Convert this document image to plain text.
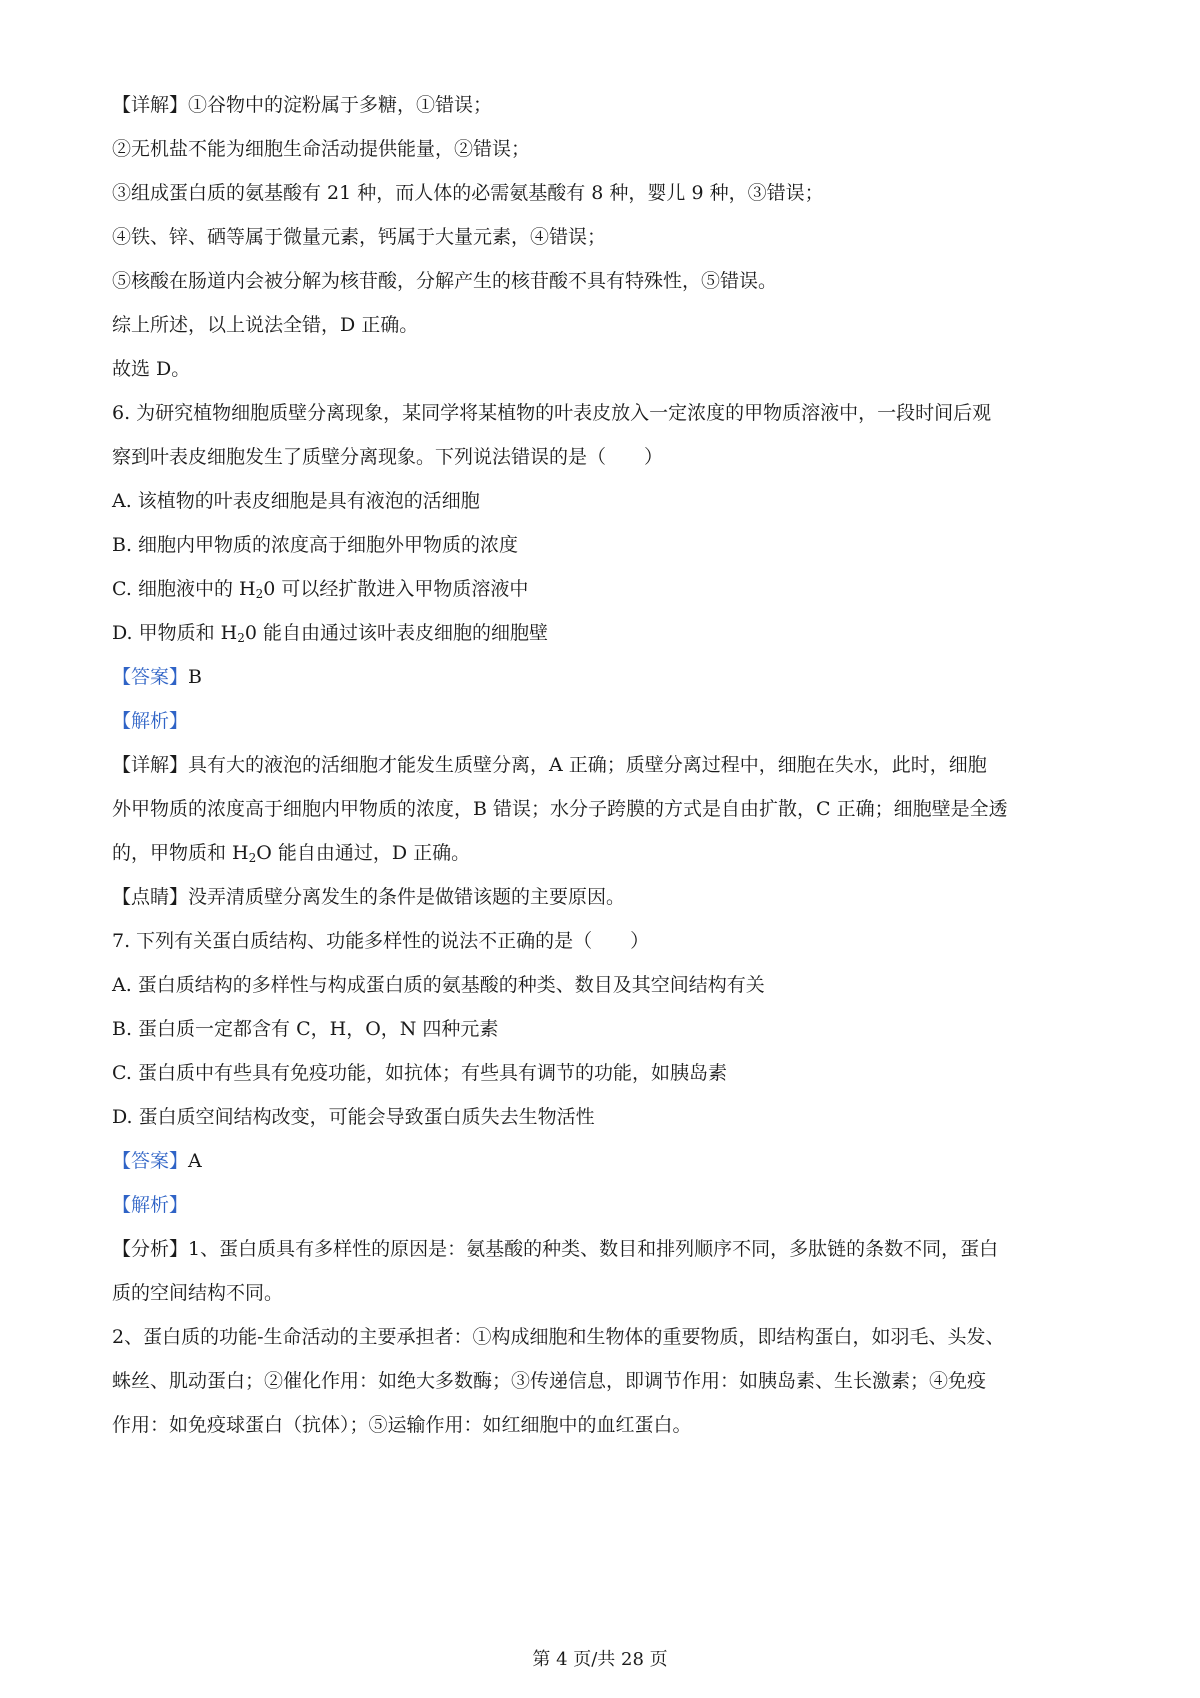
【详解】①谷物中的淀粉属于多糖，①错误；
②无机盐不能为细胞生命活动提供能量，②错误；
③组成蛋白质的氨基酸有 21 种，而人体的必需氨基酸有 8 种，婴儿 9 种，③错误；
④铁、锌、硒等属于微量元素，钙属于大量元素，④错误；
⑤核酸在肠道内会被分解为核苷酸，分解产生的核苷酸不具有特殊性，⑤错误。
综上所述，以上说法全错，D 正确。
故选 D。
6. 为研究植物细胞质壁分离现象，某同学将某植物的叶表皮放入一定浓度的甲物质溶液中，一段时间后观
察到叶表皮细胞发生了质壁分离现象。下列说法错误的是（　　）
A. 该植物的叶表皮细胞是具有液泡的活细胞
B. 细胞内甲物质的浓度高于细胞外甲物质的浓度
C. 细胞液中的 $H_20$ 可以经扩散进入甲物质溶液中
D. 甲物质和 $H_20$ 能自由通过该叶表皮细胞的细胞壁
【答案】B
【解析】
【详解】具有大的液泡的活细胞才能发生质壁分离，A 正确；质壁分离过程中，细胞在失水，此时，细胞
外甲物质的浓度高于细胞内甲物质的浓度，B 错误；水分子跨膜的方式是自由扩散，C 正确；细胞壁是全透
的，甲物质和 $H_2O$ 能自由通过，D 正确。
【点睛】没弄清质壁分离发生的条件是做错该题的主要原因。
7. 下列有关蛋白质结构、功能多样性的说法不正确的是（　　）
A. 蛋白质结构的多样性与构成蛋白质的氨基酸的种类、数目及其空间结构有关
B. 蛋白质一定都含有 C，H，O，N 四种元素
C. 蛋白质中有些具有免疫功能，如抗体；有些具有调节的功能，如胰岛素
D. 蛋白质空间结构改变，可能会导致蛋白质失去生物活性
【答案】A
【解析】
【分析】1、蛋白质具有多样性的原因是：氨基酸的种类、数目和排列顺序不同，多肽链的条数不同，蛋白
质的空间结构不同。
2、蛋白质的功能-生命活动的主要承担者：①构成细胞和生物体的重要物质，即结构蛋白，如羽毛、头发、
蛛丝、肌动蛋白；②催化作用：如绝大多数酶；③传递信息，即调节作用：如胰岛素、生长激素；④免疫
作用：如免疫球蛋白（抗体）；⑤运输作用：如红细胞中的血红蛋白。
第 4 页/共 28 页
